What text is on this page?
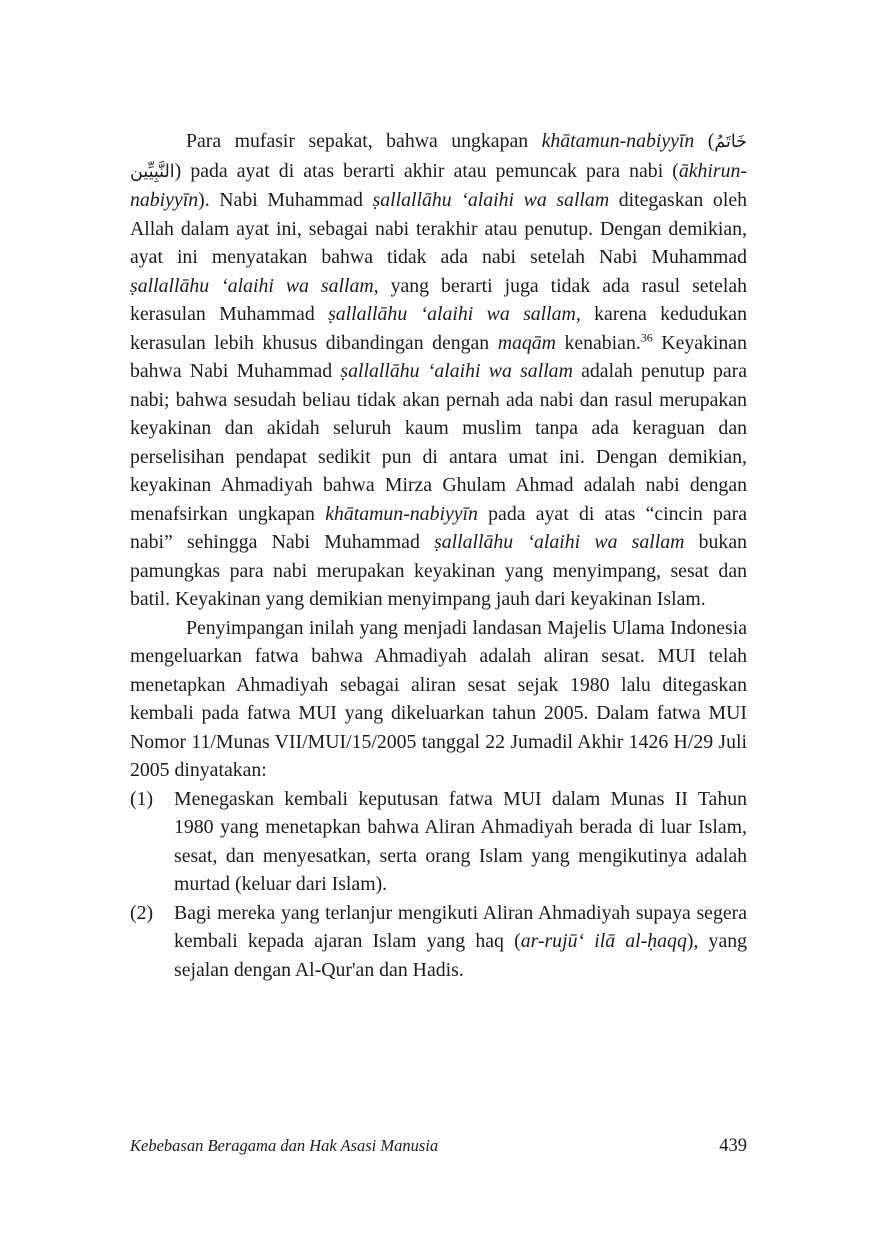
Para mufasir sepakat, bahwa ungkapan khātamun-nabiyyīn (خَاتَمُ النَّبِيِّين) pada ayat di atas berarti akhir atau pemuncak para nabi (ākhirun-nabiyyīn). Nabi Muhammad ṣallallāhu ‘alaihi wa sallam ditegaskan oleh Allah dalam ayat ini, sebagai nabi terakhir atau penutup. Dengan demikian, ayat ini menyatakan bahwa tidak ada nabi setelah Nabi Muhammad ṣallallāhu ‘alaihi wa sallam, yang berarti juga tidak ada rasul setelah kerasulan Muhammad ṣallallāhu ‘alaihi wa sallam, karena kedudukan kerasulan lebih khusus dibandingan dengan maqām kenabian.$^{36}$ Keyakinan bahwa Nabi Muhammad ṣallallāhu ‘alaihi wa sallam adalah penutup para nabi; bahwa sesudah beliau tidak akan pernah ada nabi dan rasul merupakan keyakinan dan akidah seluruh kaum muslim tanpa ada keraguan dan perselisihan pendapat sedikit pun di antara umat ini. Dengan demikian, keyakinan Ahmadiyah bahwa Mirza Ghulam Ahmad adalah nabi dengan menafsirkan ungkapan khātamun-nabiyyīn pada ayat di atas “cincin para nabi” sehingga Nabi Muhammad ṣallallāhu ‘alaihi wa sallam bukan pamungkas para nabi merupakan keyakinan yang menyimpang, sesat dan batil. Keyakinan yang demikian menyimpang jauh dari keyakinan Islam.

Penyimpangan inilah yang menjadi landasan Majelis Ulama Indonesia mengeluarkan fatwa bahwa Ahmadiyah adalah aliran sesat. MUI telah menetapkan Ahmadiyah sebagai aliran sesat sejak 1980 lalu ditegaskan kembali pada fatwa MUI yang dikeluarkan tahun 2005. Dalam fatwa MUI Nomor 11/Munas VII/MUI/15/2005 tanggal 22 Jumadil Akhir 1426 H/29 Juli 2005 dinyatakan:

(1) Menegaskan kembali keputusan fatwa MUI dalam Munas II Tahun 1980 yang menetapkan bahwa Aliran Ahmadiyah berada di luar Islam, sesat, dan menyesatkan, serta orang Islam yang mengikutinya adalah murtad (keluar dari Islam).

(2) Bagi mereka yang terlanjur mengikuti Aliran Ahmadiyah supaya segera kembali kepada ajaran Islam yang haq (ar-rujū‘ ilā al-ḥaqq), yang sejalan dengan Al-Qur'an dan Hadis.

Kebebasan Beragama dan Hak Asasi Manusia	439
